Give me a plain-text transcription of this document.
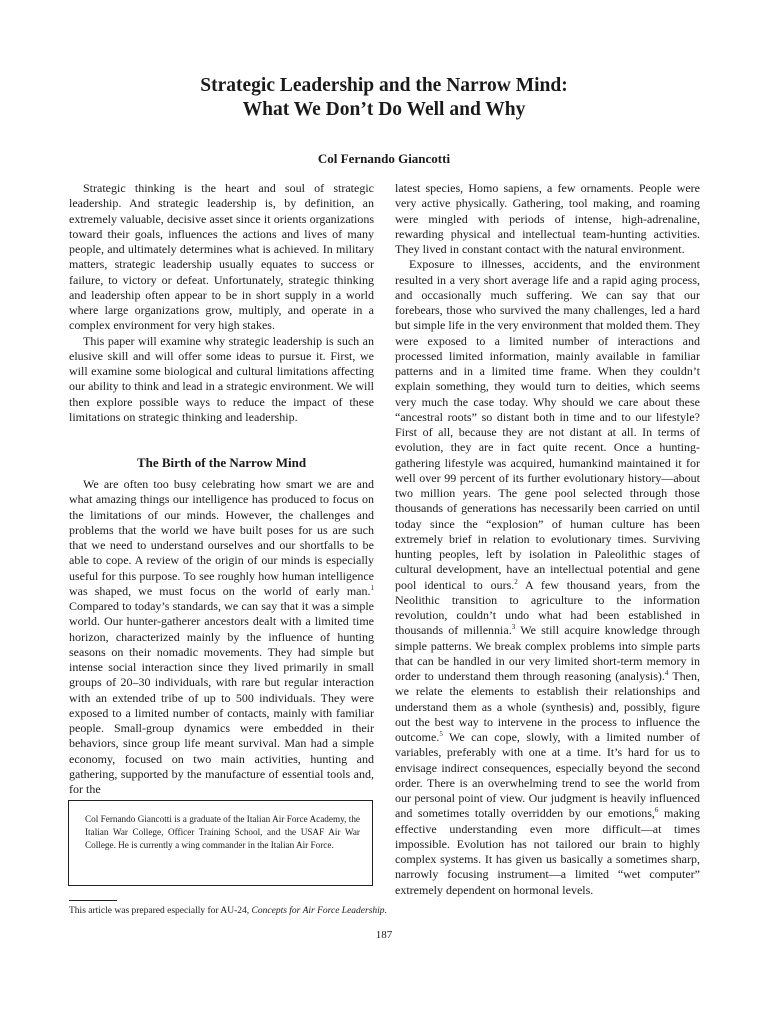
Strategic Leadership and the Narrow Mind:
What We Don’t Do Well and Why
Col Fernando Giancotti

Strategic thinking is the heart and soul of strategic leadership. And strategic leadership is, by definition, an extremely valuable, decisive asset since it orients organizations toward their goals, influences the actions and lives of many people, and ultimately determines what is achieved. In military matters, strategic leadership usually equates to success or failure, to victory or defeat. Unfortunately, strategic thinking and leadership often appear to be in short supply in a world where large organizations grow, multiply, and operate in a complex environment for very high stakes.

This paper will examine why strategic leadership is such an elusive skill and will offer some ideas to pursue it. First, we will examine some biological and cultural limitations affecting our ability to think and lead in a strategic environment. We will then explore possible ways to reduce the impact of these limitations on strategic thinking and leadership.

The Birth of the Narrow Mind

We are often too busy celebrating how smart we are and what amazing things our intelligence has produced to focus on the limitations of our minds. However, the challenges and problems that the world we have built poses for us are such that we need to understand ourselves and our shortfalls to be able to cope. A review of the origin of our minds is especially useful for this purpose. To see roughly how human intelligence was shaped, we must focus on the world of early man.$^1$ Compared to today’s standards, we can say that it was a simple world. Our hunter-gatherer ancestors dealt with a limited time horizon, characterized mainly by the influence of hunting seasons on their nomadic movements. They had simple but intense social interaction since they lived primarily in small groups of 20–30 individuals, with rare but regular interaction with an extended tribe of up to 500 individuals. They were exposed to a limited number of contacts, mainly with familiar people. Small-group dynamics were embedded in their behaviors, since group life meant survival. Man had a simple economy, focused on two main activities, hunting and gathering, supported by the manufacture of essential tools and, for the

latest species, Homo sapiens, a few ornaments. People were very active physically. Gathering, tool making, and roaming were mingled with periods of intense, high-adrenaline, rewarding physical and intellectual team-hunting activities. They lived in constant contact with the natural environment.

Exposure to illnesses, accidents, and the environment resulted in a very short average life and a rapid aging process, and occasionally much suffering. We can say that our forebears, those who survived the many challenges, led a hard but simple life in the very environment that molded them. They were exposed to a limited number of interactions and processed limited information, mainly available in familiar patterns and in a limited time frame. When they couldn’t explain something, they would turn to deities, which seems very much the case today. Why should we care about these “ancestral roots” so distant both in time and to our lifestyle? First of all, because they are not distant at all. In terms of evolution, they are in fact quite recent. Once a hunting-gathering lifestyle was acquired, humankind maintained it for well over 99 percent of its further evolutionary history—about two million years. The gene pool selected through those thousands of generations has necessarily been carried on until today since the “explosion” of human culture has been extremely brief in relation to evolutionary times. Surviving hunting peoples, left by isolation in Paleolithic stages of cultural development, have an intellectual potential and gene pool identical to ours.$^2$ A few thousand years, from the Neolithic transition to agriculture to the information revolution, couldn’t undo what had been established in thousands of millennia.$^3$ We still acquire knowledge through simple patterns. We break complex problems into simple parts that can be handled in our very limited short-term memory in order to understand them through reasoning (analysis).$^4$ Then, we relate the elements to establish their relationships and understand them as a whole (synthesis) and, possibly, figure out the best way to intervene in the process to influence the outcome.$^5$ We can cope, slowly, with a limited number of variables, preferably with one at a time. It’s hard for us to envisage indirect consequences, especially beyond the second order. There is an overwhelming trend to see the world from our personal point of view. Our judgment is heavily influenced and sometimes totally overridden by our emotions,$^6$ making effective understanding even more difficult—at times impossible. Evolution has not tailored our brain to highly complex systems. It has given us basically a sometimes sharp, narrowly focusing instrument—a limited “wet computer” extremely dependent on hormonal levels.

Col Fernando Giancotti is a graduate of the Italian Air Force Academy, the Italian War College, Officer Training School, and the USAF Air War College. He is currently a wing commander in the Italian Air Force.
This article was prepared especially for AU-24, Concepts for Air Force Leadership.
187
